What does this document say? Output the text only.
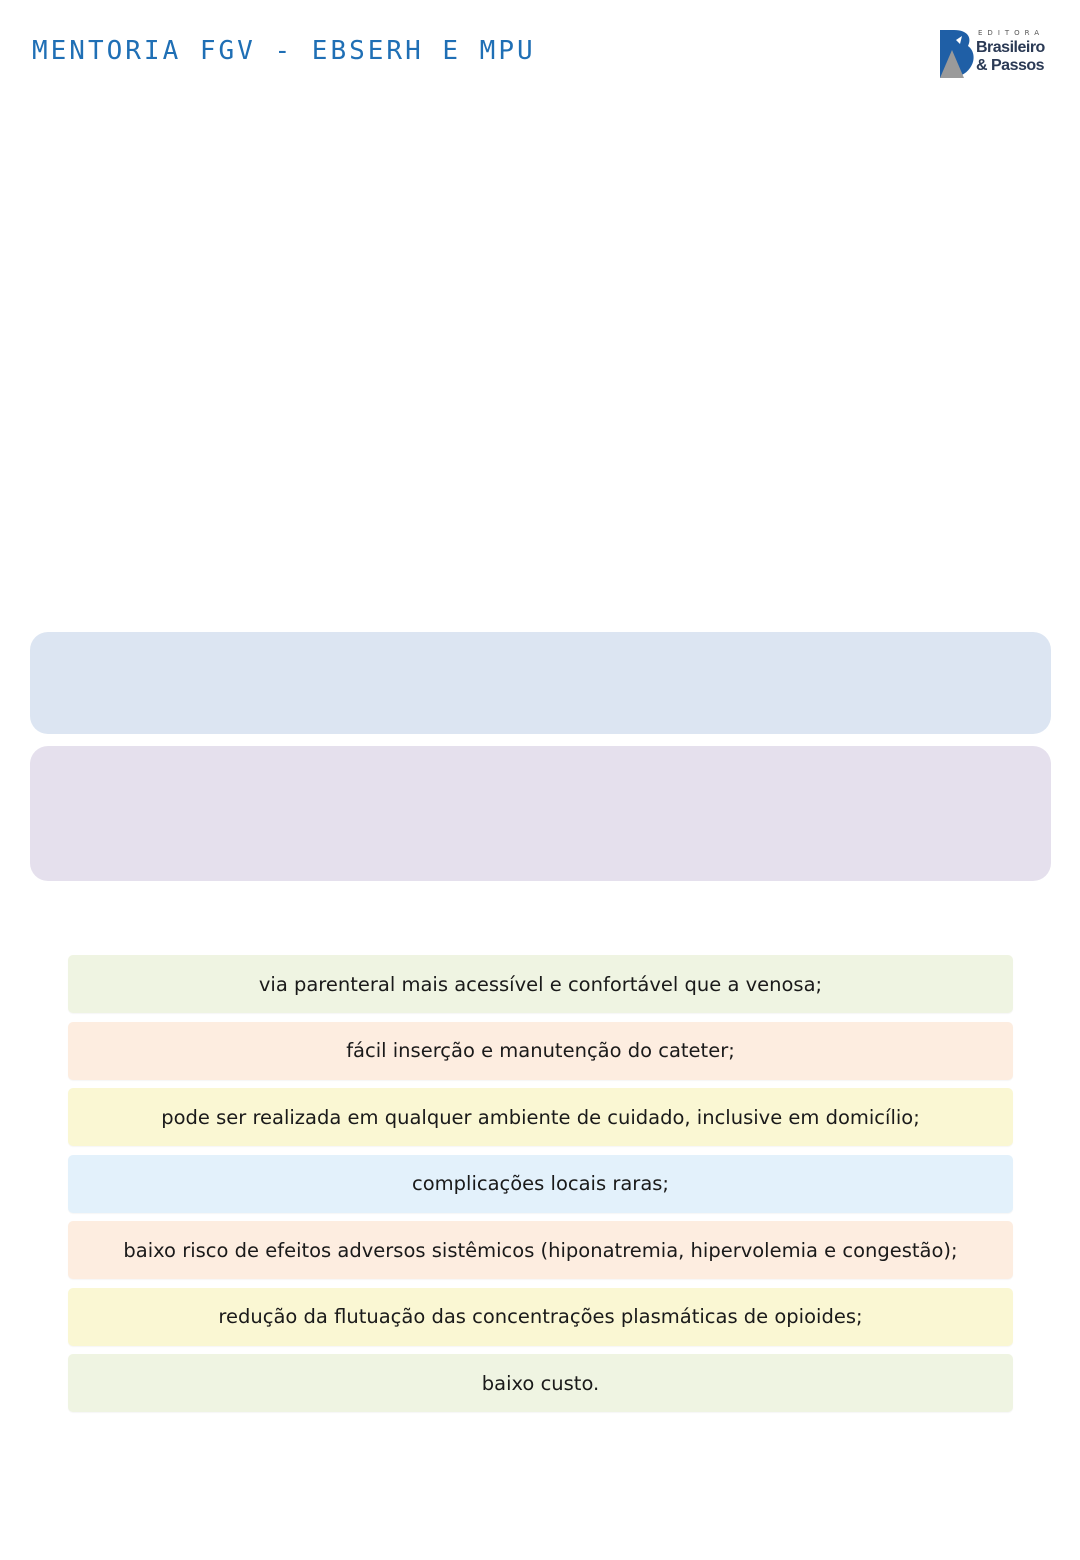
MENTORIA FGV - EBSERH E MPU
EDITORA
Brasileiro
& Passos
via parenteral mais acessível e confortável que a venosa;
fácil inserção e manutenção do cateter;
pode ser realizada em qualquer ambiente de cuidado, inclusive em domicílio;
complicações locais raras;
baixo risco de efeitos adversos sistêmicos (hiponatremia, hipervolemia e congestão);
redução da flutuação das concentrações plasmáticas de opioides;
baixo custo.
